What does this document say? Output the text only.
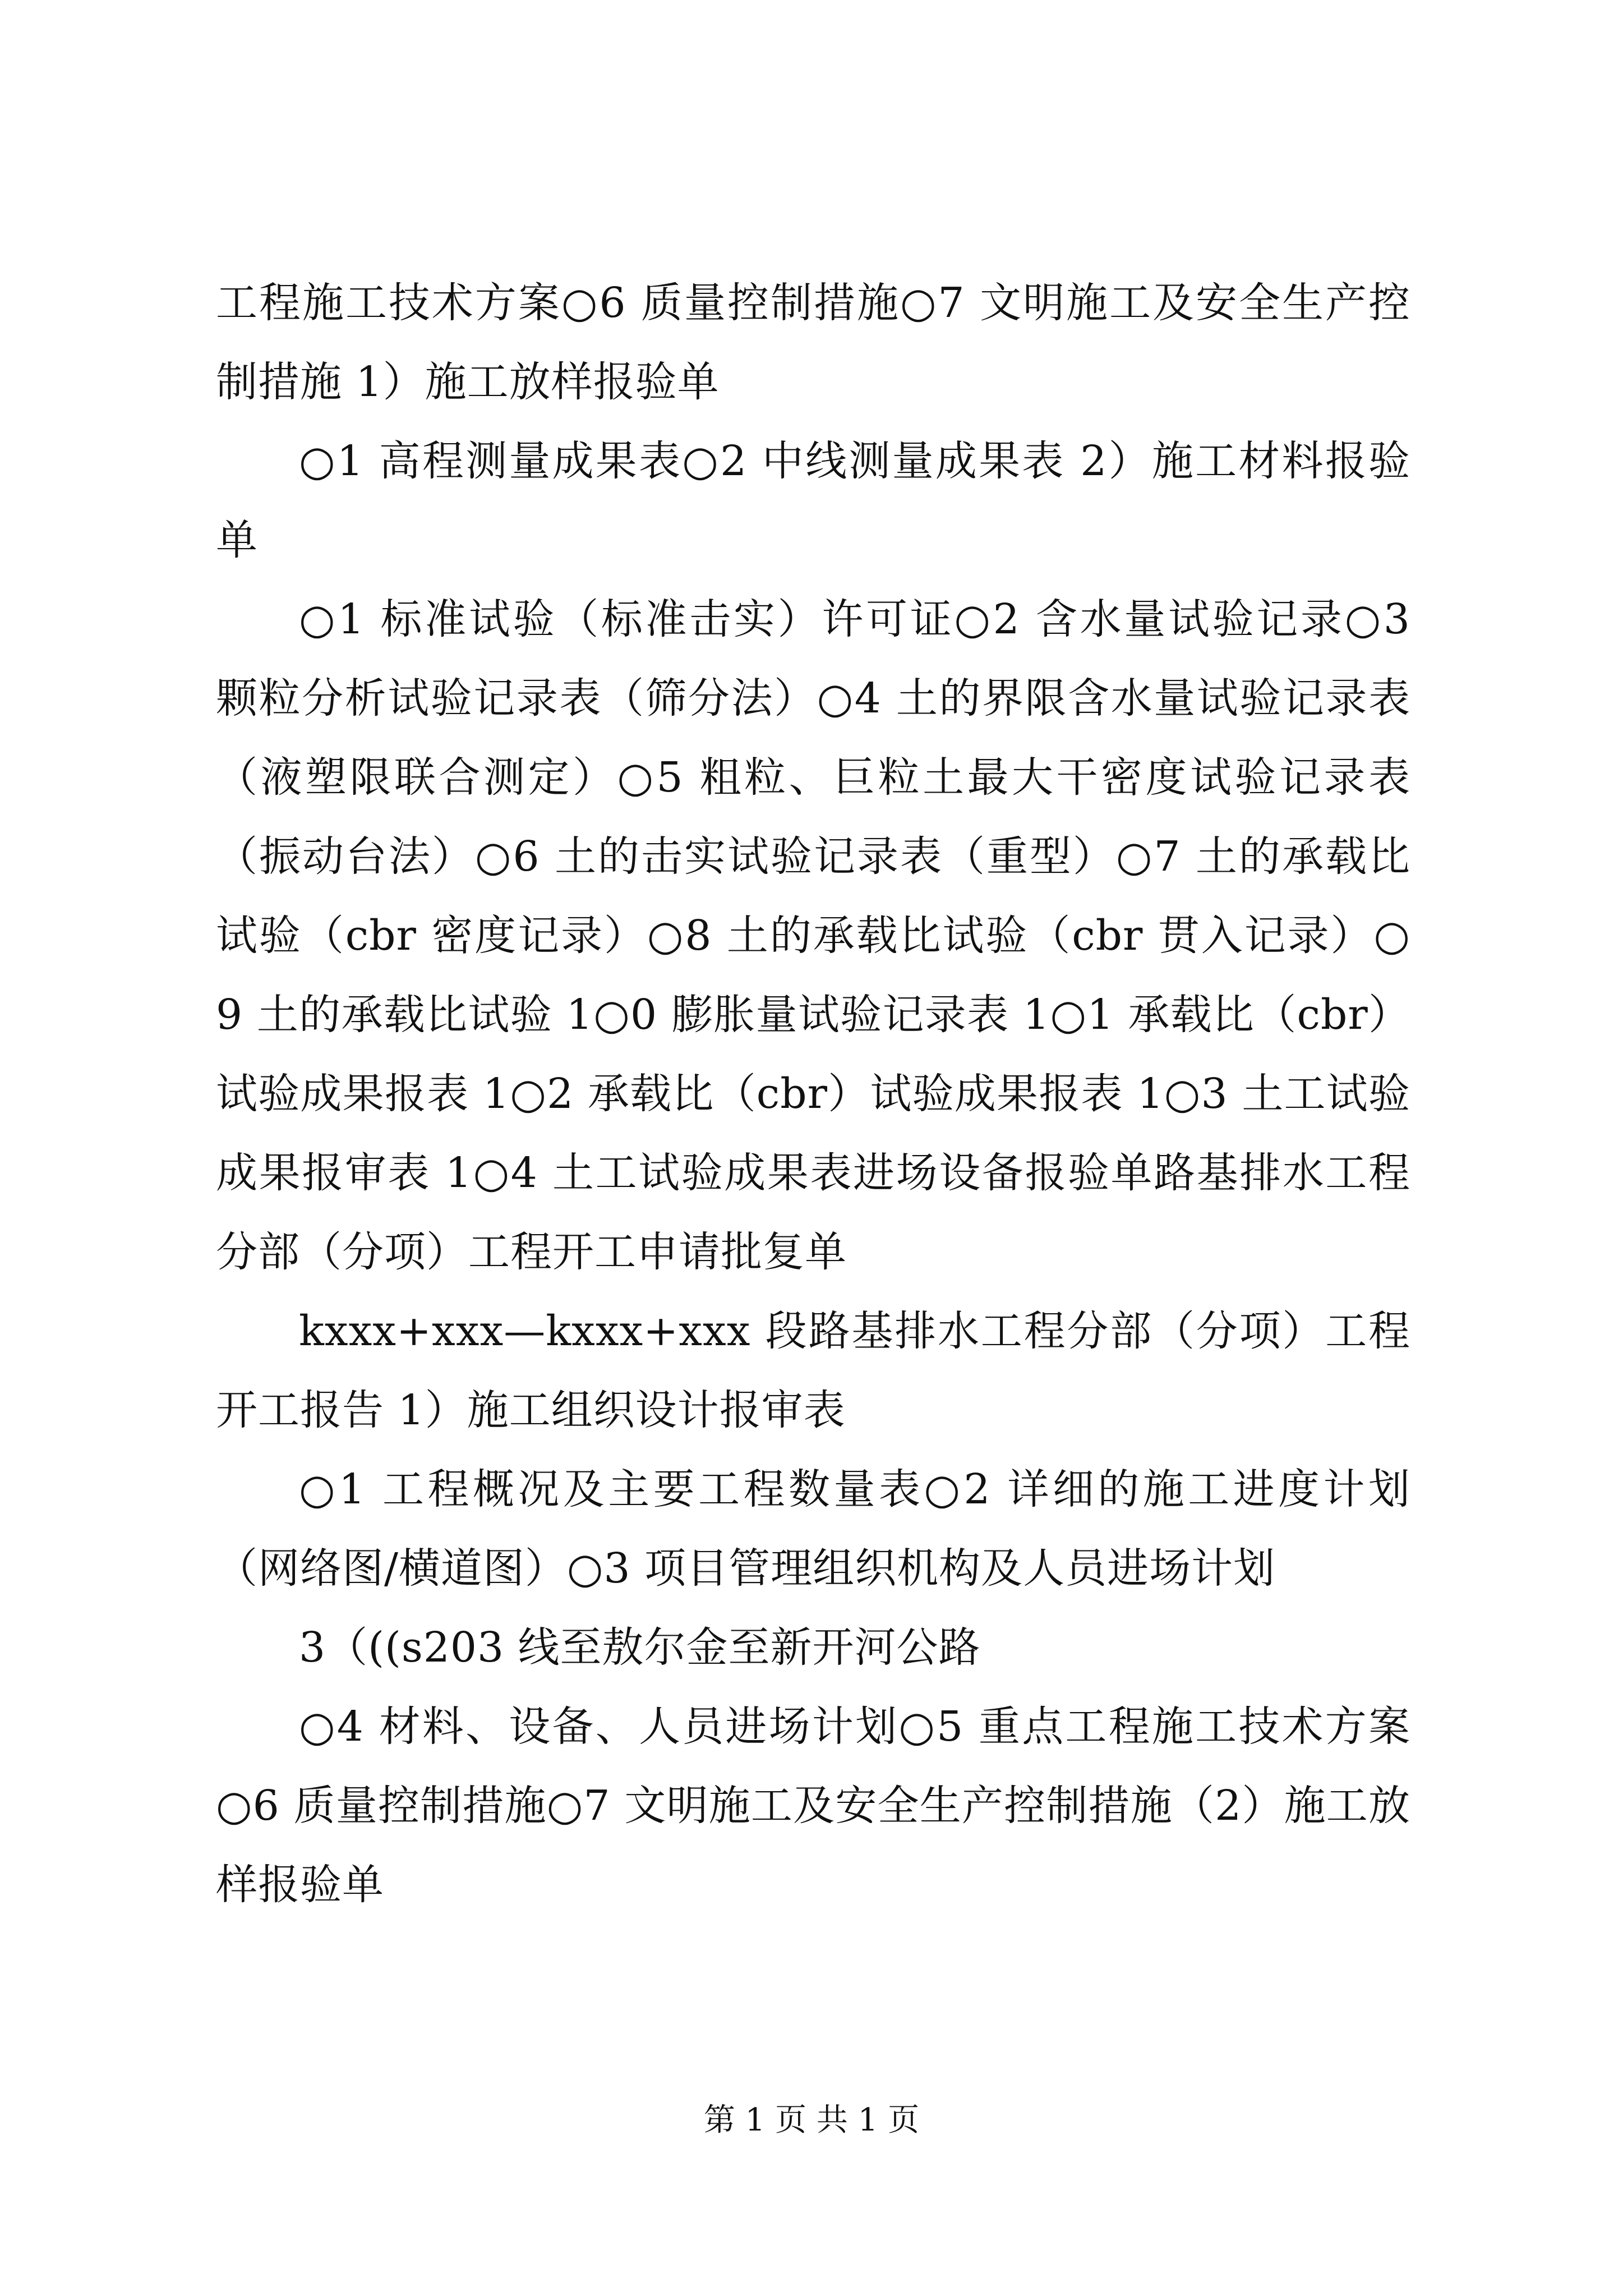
工程施工技术方案○6 质量控制措施○7 文明施工及安全生产控制措施 1）施工放样报验单

○1 高程测量成果表○2 中线测量成果表 2）施工材料报验单

○1 标准试验（标准击实）许可证○2 含水量试验记录○3 颗粒分析试验记录表（筛分法）○4 土的界限含水量试验记录表（液塑限联合测定）○5 粗粒、巨粒土最大干密度试验记录表（振动台法）○6 土的击实试验记录表（重型）○7 土的承载比试验（cbr 密度记录）○8 土的承载比试验（cbr 贯入记录）○9 土的承载比试验 1○0 膨胀量试验记录表 1○1 承载比（cbr）试验成果报表 1○2 承载比（cbr）试验成果报表 1○3 土工试验成果报审表 1○4 土工试验成果表进场设备报验单路基排水工程分部（分项）工程开工申请批复单

kxxx+xxx—kxxx+xxx 段路基排水工程分部（分项）工程开工报告 1）施工组织设计报审表

○1 工程概况及主要工程数量表○2 详细的施工进度计划（网络图/横道图）○3 项目管理组织机构及人员进场计划

3（((s203 线至敖尔金至新开河公路

○4 材料、设备、人员进场计划○5 重点工程施工技术方案○6 质量控制措施○7 文明施工及安全生产控制措施（2）施工放样报验单

第 1 页 共 1 页
